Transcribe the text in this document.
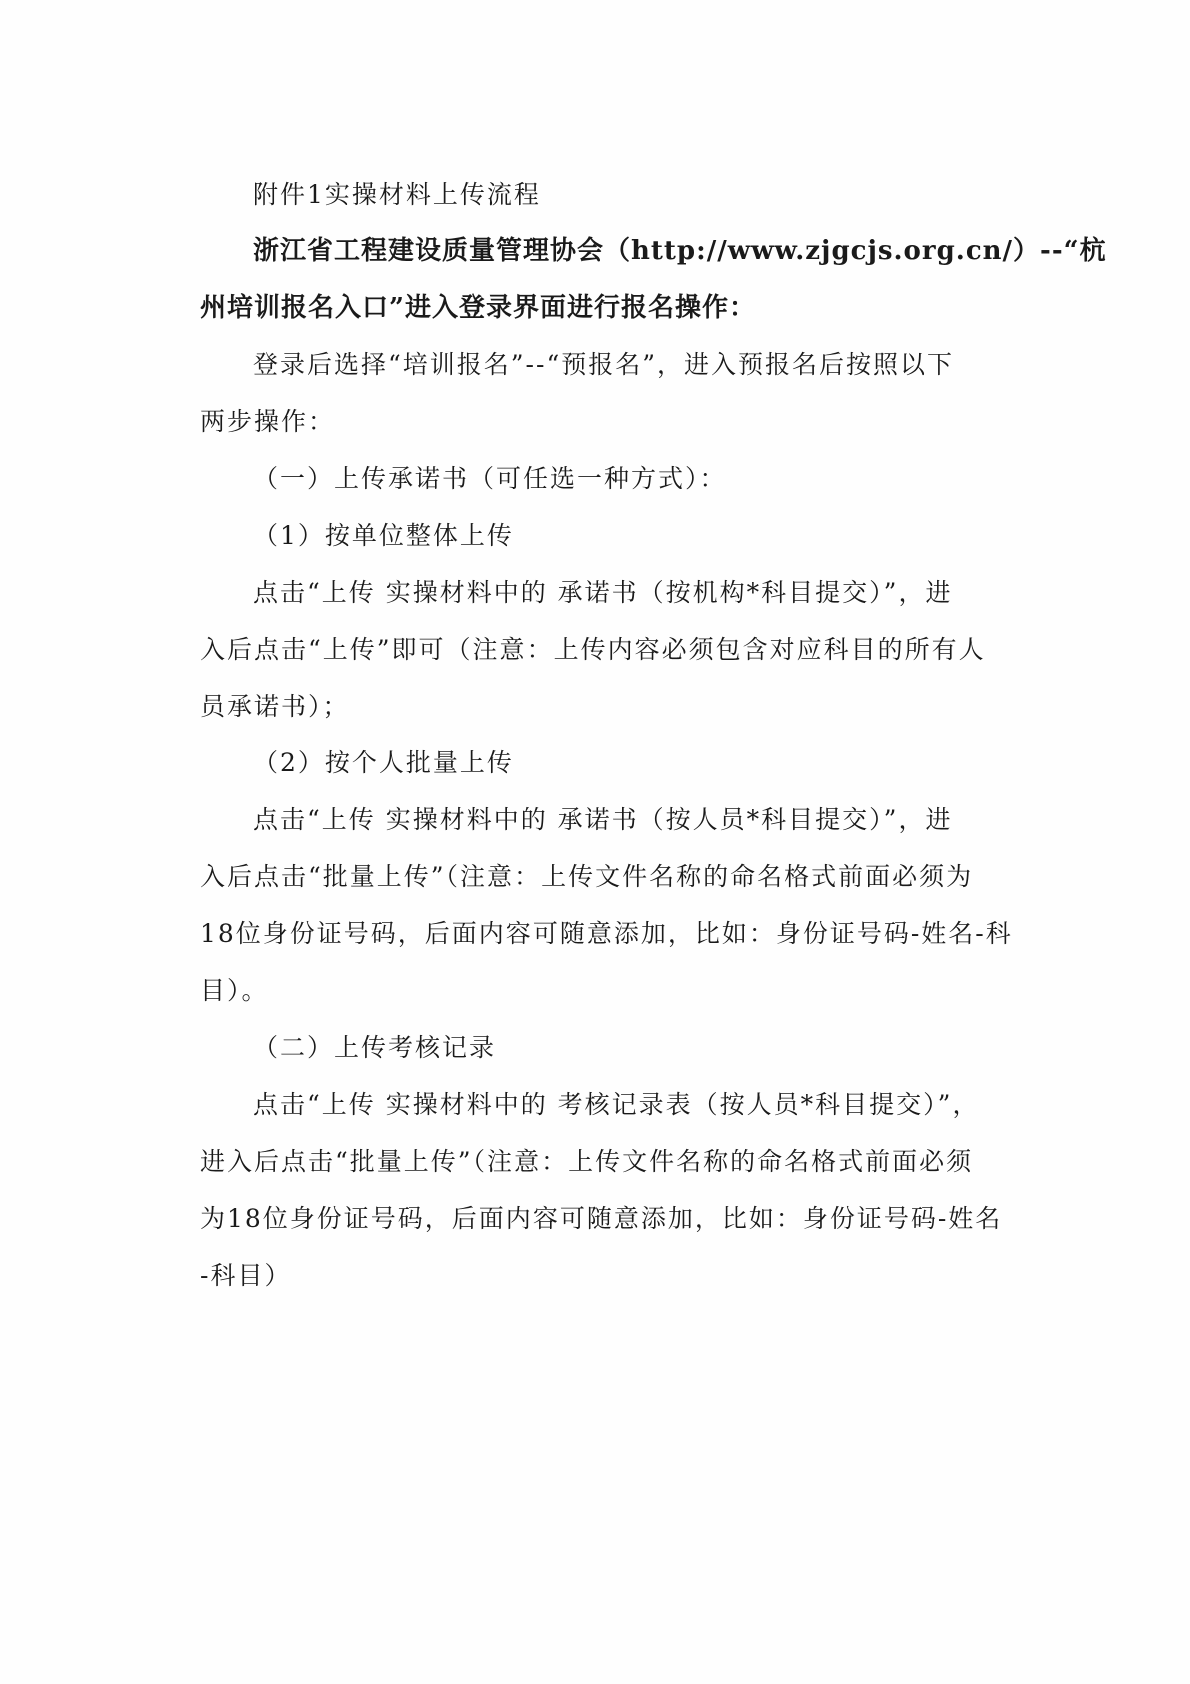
附件1实操材料上传流程
浙江省工程建设质量管理协会（http://www.zjgcjs.org.cn/）--“杭
州培训报名入口”进入登录界面进行报名操作：
登录后选择“培训报名”--“预报名”，进入预报名后按照以下
两步操作：
（一）上传承诺书（可任选一种方式）：
（1）按单位整体上传
点击“上传 实操材料中的 承诺书（按机构*科目提交）”，进
入后点击“上传”即可（注意：上传内容必须包含对应科目的所有人
员承诺书）；
（2）按个人批量上传
点击“上传 实操材料中的 承诺书（按人员*科目提交）”，进
入后点击“批量上传”（注意：上传文件名称的命名格式前面必须为
18位身份证号码，后面内容可随意添加，比如：身份证号码-姓名-科
目）。
（二）上传考核记录
点击“上传 实操材料中的 考核记录表（按人员*科目提交）”，
进入后点击“批量上传”（注意：上传文件名称的命名格式前面必须
为18位身份证号码，后面内容可随意添加，比如：身份证号码-姓名
-科目）
